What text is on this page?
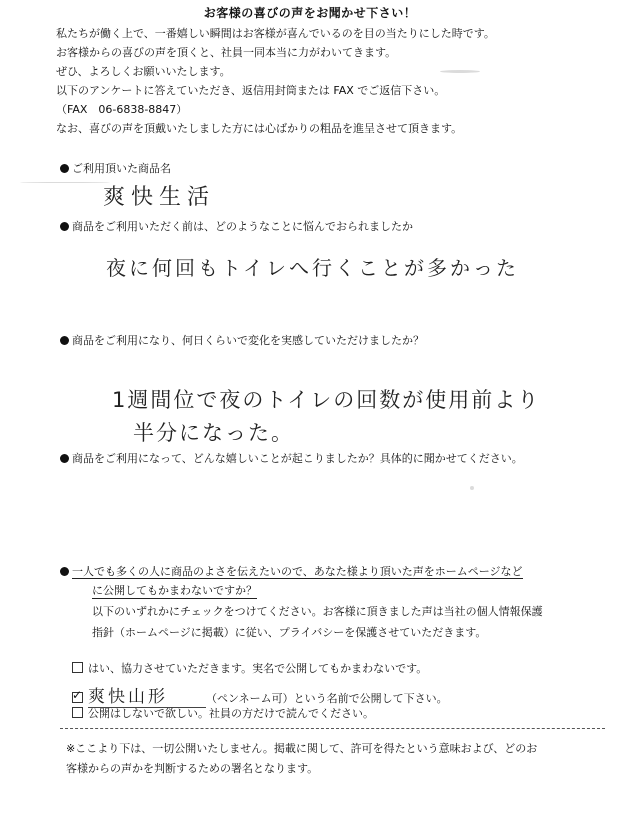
お客様の喜びの声をお聞かせ下さい！
私たちが働く上で、一番嬉しい瞬間はお客様が喜んでいるのを目の当たりにした時です。
お客様からの喜びの声を頂くと、社員一同本当に力がわいてきます。
ぜひ、よろしくお願いいたします。
以下のアンケートに答えていただき、返信用封筒または FAX でご返信下さい。
（FAX　06-6838-8847）
なお、喜びの声を頂戴いたしました方には心ばかりの粗品を進呈させて頂きます。
ご利用頂いた商品名
爽快生活
商品をご利用いただく前は、どのようなことに悩んでおられましたか
夜に何回もトイレへ行くことが多かった
商品をご利用になり、何日くらいで変化を実感していただけましたか？
1週間位で夜のトイレの回数が使用前より
半分になった。
商品をご利用になって、どんな嬉しいことが起こりましたか？具体的に聞かせてください。
一人でも多くの人に商品のよさを伝えたいので、あなた様より頂いた声をホームページなど
に公開してもかまわないですか？
以下のいずれかにチェックをつけてください。お客様に頂きました声は当社の個人情報保護
指針（ホームページに掲載）に従い、プライバシーを保護させていただきます。
はい、協力させていただきます。実名で公開してもかまわないです。
✓爽快山形	（ペンネーム可）という名前で公開して下さい。
公開はしないで欲しい。社員の方だけで読んでください。
※ここより下は、一切公開いたしません。掲載に関して、許可を得たという意味および、どのお
客様からの声かを判断するための署名となります。
